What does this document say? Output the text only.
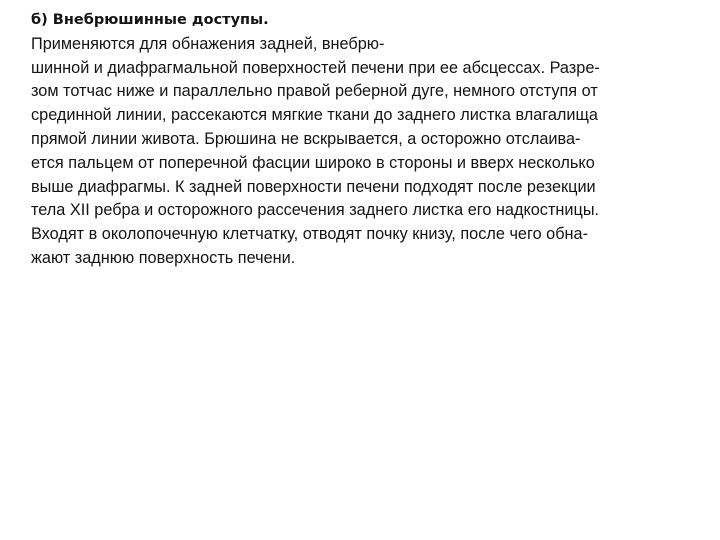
б) Внебрюшинные доступы.
Применяются для обнажения задней, внебрю-
шинной и диафрагмальной поверхностей печени при ее абсцессах. Разре-
зом тотчас ниже и параллельно правой реберной дуге, немного отступя от
срединной линии, рассекаются мягкие ткани до заднего листка влагалища
прямой линии живота. Брюшина не вскрывается, а осторожно отслаива-
ется пальцем от поперечной фасции широко в стороны и вверх несколько
выше диафрагмы. К задней поверхности печени подходят после резекции
тела XII ребра и осторожного рассечения заднего листка его надкостницы.
Входят в околопочечную клетчатку, отводят почку книзу, после чего обна-
жают заднюю поверхность печени.
